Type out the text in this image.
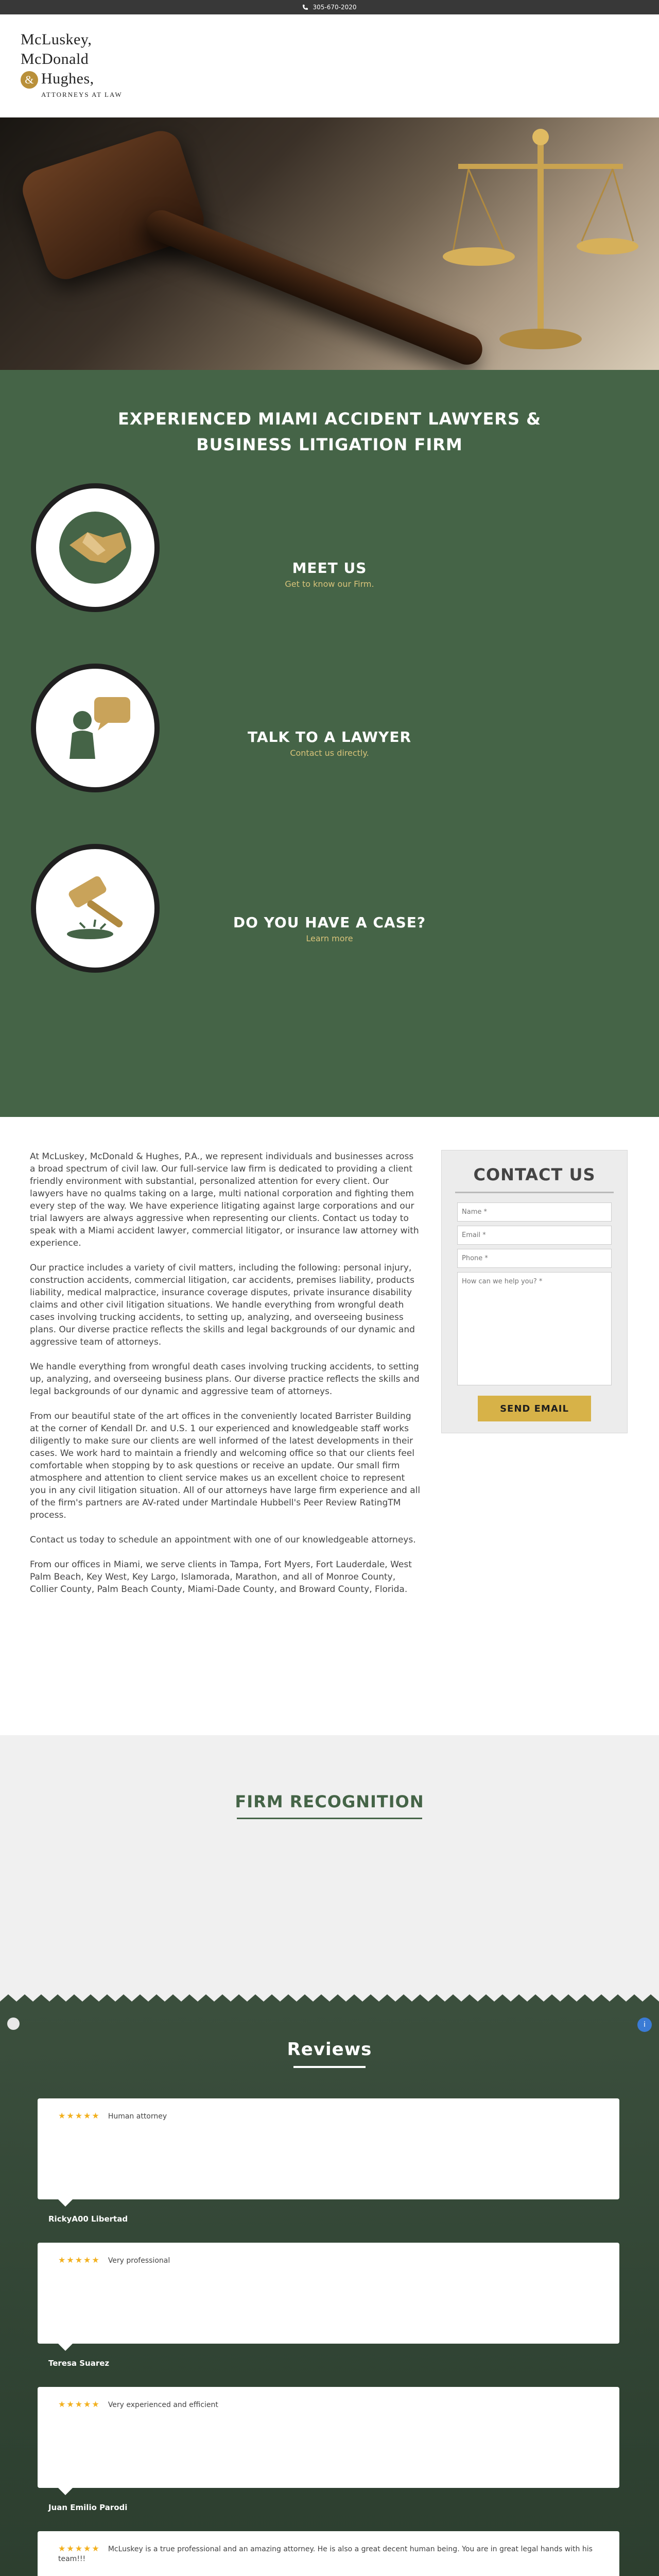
305-670-2020
McLuskey,
McDonald
& Hughes,
ATTORNEYS AT LAW
EXPERIENCED MIAMI ACCIDENT LAWYERS & BUSINESS LITIGATION FIRM
MEET US
Get to know our Firm.
TALK TO A LAWYER
Contact us directly.
DO YOU HAVE A CASE?
Learn more

At McLuskey, McDonald & Hughes, P.A., we represent individuals and businesses across a broad spectrum of civil law. Our full-service law firm is dedicated to providing a client friendly environment with substantial, personalized attention for every client. Our lawyers have no qualms taking on a large, multi national corporation and fighting them every step of the way. We have experience litigating against large corporations and our trial lawyers are always aggressive when representing our clients. Contact us today to speak with a Miami accident lawyer, commercial litigator, or insurance law attorney with experience.

Our practice includes a variety of civil matters, including the following: personal injury, construction accidents, commercial litigation, car accidents, premises liability, products liability, medical malpractice, insurance coverage disputes, private insurance disability claims and other civil litigation situations. We handle everything from wrongful death cases involving trucking accidents, to setting up, analyzing, and overseeing business plans. Our diverse practice reflects the skills and legal backgrounds of our dynamic and aggressive team of attorneys.

We handle everything from wrongful death cases involving trucking accidents, to setting up, analyzing, and overseeing business plans. Our diverse practice reflects the skills and legal backgrounds of our dynamic and aggressive team of attorneys.

From our beautiful state of the art offices in the conveniently located Barrister Building at the corner of Kendall Dr. and U.S. 1 our experienced and knowledgeable staff works diligently to make sure our clients are well informed of the latest developments in their cases. We work hard to maintain a friendly and welcoming office so that our clients feel comfortable when stopping by to ask questions or receive an update. Our small firm atmosphere and attention to client service makes us an excellent choice to represent you in any civil litigation situation. All of our attorneys have large firm experience and all of the firm's partners are AV-rated under Martindale Hubbell's Peer Review RatingTM process.

Contact us today to schedule an appointment with one of our knowledgeable attorneys.

From our offices in Miami, we serve clients in Tampa, Fort Myers, Fort Lauderdale, West Palm Beach, Key West, Key Largo, Islamorada, Marathon, and all of Monroe County, Collier County, Palm Beach County, Miami-Dade County, and Broward County, Florida.

CONTACT US
Name *
Email *
Phone *
How can we help you? *
SEND EMAIL
FIRM RECOGNITION
i
Reviews
★★★★★ Human attorney
RickyA00 Libertad
★★★★★ Very professional
Teresa Suarez
★★★★★ Very experienced and efficient
Juan Emilio Parodi
★★★★★ McLuskey is a true professional and an amazing attorney. He is also a great decent human being. You are in great legal hands with his team!!!
